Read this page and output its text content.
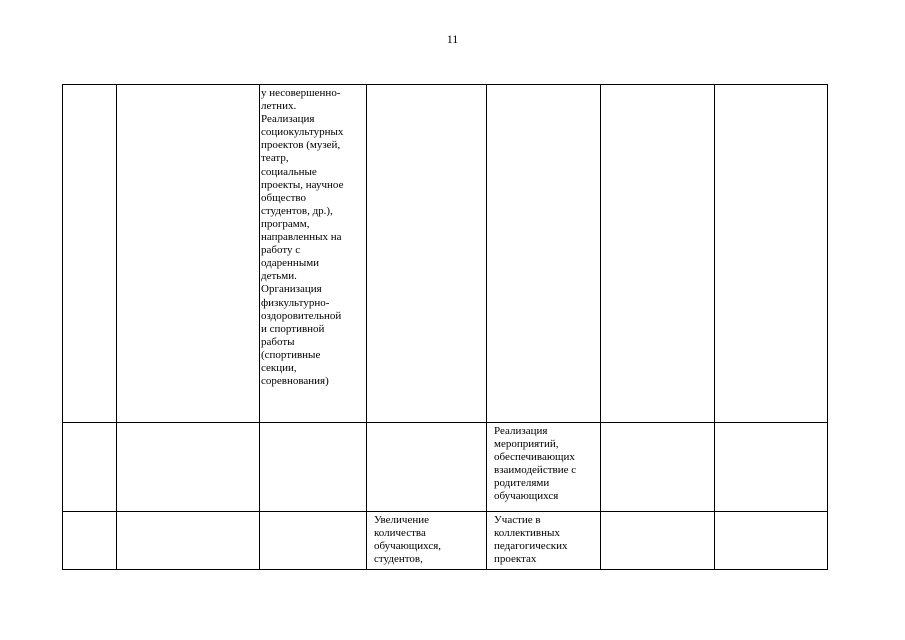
11
у несовершенно-
летних.
Реализация
социокультурных
проектов (музей,
театр,
социальные
проекты, научное
общество
студентов, др.),
программ,
направленных на
работу с
одаренными
детьми.
Организация
физкультурно-
оздоровительной
и спортивной
работы
(спортивные
секции,
соревнования)
Реализация
мероприятий,
обеспечивающих
взаимодействие с
родителями
обучающихся
Увеличение
количества
обучающихся,
студентов,
Участие в
коллективных
педагогических
проектах
